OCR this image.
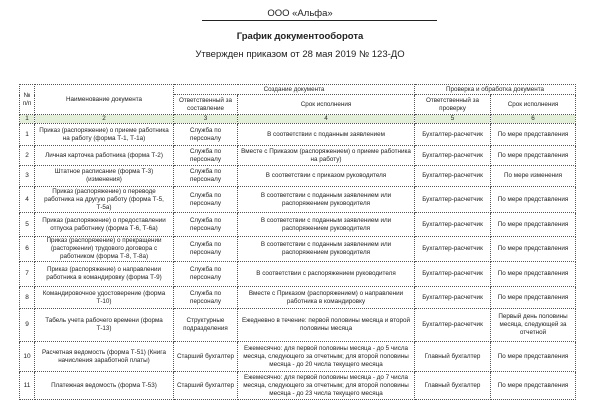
ООО «Альфа»
График документооборота
Утвержден приказом от 28 мая 2019 № 123-ДО
№ п/п	Наименование документа	Создание документа		Проверка и обработка документа	
		Ответственный за составление	Срок исполнения	Ответственный за проверку	Срок исполнения
1	2	3	4	5	6
1	Приказ (распоряжение) о приеме работника на работу (форма Т-1, Т-1а)	Служба по персоналу	В соответствии с поданным заявлением	Бухгалтер-расчетчик	По мере представления
2	Личная карточка работника (форма Т-2)	Служба по персоналу	Вместе с Приказом (распоряжением) о приеме работника на работу)	Бухгалтер-расчетчик	По мере представления
3	Штатное расписание (форма Т-3) (изменения)	Служба по персоналу	В соответствии с приказом руководителя	Бухгалтер-расчетчик	По мере изменения
4	Приказ (распоряжение) о переводе работника на другую работу (форма Т-5, Т-5а)	Служба по персоналу	В соответствии с поданным заявлением или распоряжением руководителя	Бухгалтер-расчетчик	По мере представления
5	Приказ (распоряжение) о предоставлении отпуска работнику (форма Т-6, Т-6а)	Служба по персоналу	В соответствии с поданным заявлением или распоряжением руководителя	Бухгалтер-расчетчик	По мере представления
6	Приказ (распоряжение) о прекращении (расторжении) трудового договора с работником (форма Т-8, Т-8а)	Служба по персоналу	В соответствии с поданным заявлением или распоряжением руководителя	Бухгалтер-расчетчик	По мере представления
7	Приказ (распоряжение) о направлении работника в командировку (форма Т-9)	Служба по персоналу	В соответствии с распоряжением руководителя	Бухгалтер-расчетчик	По мере представления
8	Командировочное удостоверение (форма Т-10)	Служба по персоналу	Вместе с Приказом (распоряжением) о направлении работника в командировку	Бухгалтер-расчетчик	По мере представления
9	Табель учета рабочего времени (форма Т-13)	Структурные подразделения	Ежедневно в течение: первой половины месяца и второй половины месяца	Бухгалтер-расчетчик	Первый день половины месяца, следующей за отчетной
10	Расчетная ведомость (форма Т-51) (Книга начисления заработной платы)	Старший бухгалтер	Ежемесячно: для первой половины месяца - до 5 числа месяца, следующего за отчетным; для второй половины месяца - до 20 числа текущего месяца	Главный бухгалтер	По мере представления
11	Платежная ведомость (форма Т-53)	Старший бухгалтер	Ежемесячно: для первой половины месяца - до 7 числа месяца, следующего за отчетным; для второй половины месяца - до 23 числа текущего месяца	Главный бухгалтер	По мере представления
